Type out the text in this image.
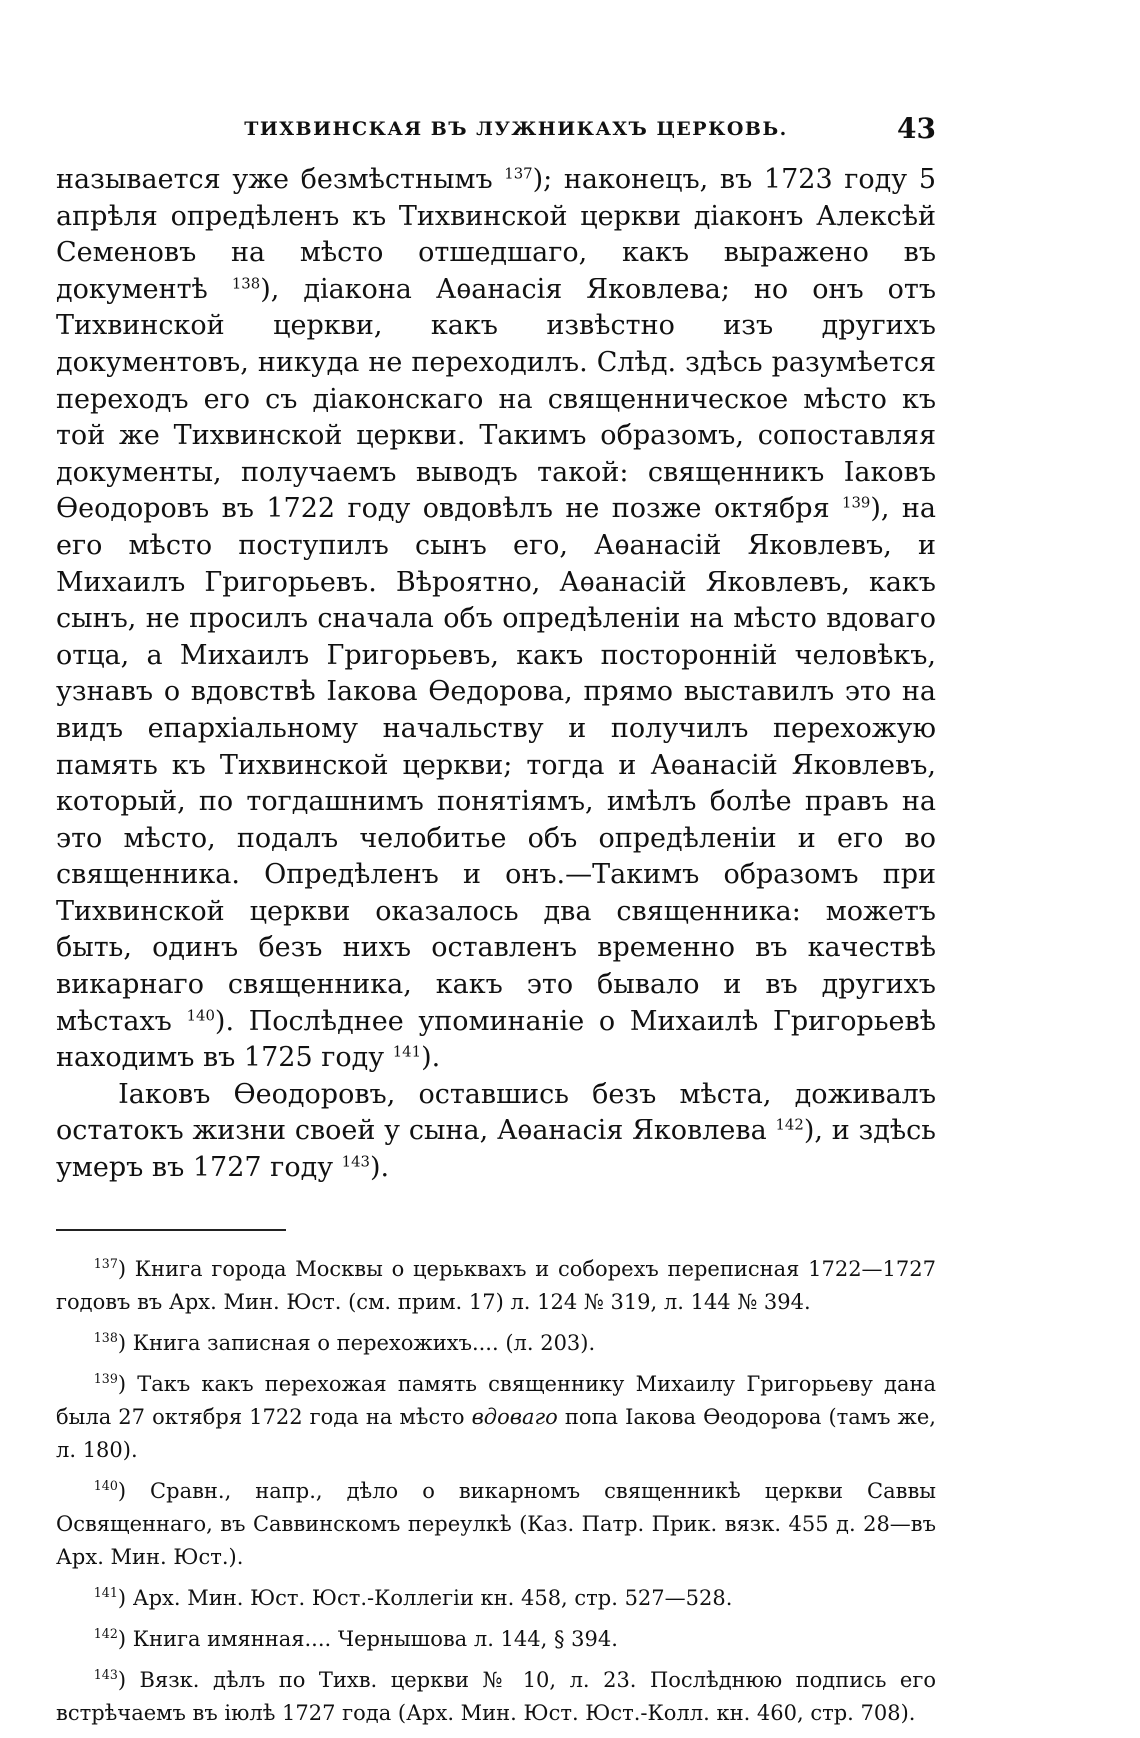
ТИХВИНСКАЯ ВЪ ЛУЖНИКАХЪ ЦЕРКОВЬ.	43

называется уже безмѣстнымъ $^{137}$); наконецъ, въ 1723 году 5 апрѣля опредѣленъ къ Тихвинской церкви діаконъ Алексѣй Семеновъ на мѣсто отшедшаго, какъ выражено въ документѣ $^{138}$), діакона Аѳанасія Яковлева; но онъ отъ Тихвинской церкви, какъ извѣстно изъ другихъ документовъ, никуда не переходилъ. Слѣд. здѣсь разумѣется переходъ его съ діаконскаго на священническое мѣсто къ той же Тихвинской церкви. Такимъ образомъ, сопоставляя документы, получаемъ выводъ такой: священникъ Іаковъ Ѳеодоровъ въ 1722 году овдовѣлъ не позже октября $^{139}$), на его мѣсто поступилъ сынъ его, Аѳанасій Яковлевъ, и Михаилъ Григорьевъ. Вѣроятно, Аѳанасій Яковлевъ, какъ сынъ, не просилъ сначала объ опредѣленіи на мѣсто вдоваго отца, а Михаилъ Григорьевъ, какъ посторонній человѣкъ, узнавъ о вдовствѣ Іакова Ѳедорова, прямо выставилъ это на видъ епархіальному начальству и получилъ перехожую память къ Тихвинской церкви; тогда и Аѳанасій Яковлевъ, который, по тогдашнимъ понятіямъ, имѣлъ болѣе правъ на это мѣсто, подалъ челобитье объ опредѣленіи и его во священника. Опредѣленъ и онъ.—Такимъ образомъ при Тихвинской церкви оказалось два священника: можетъ быть, одинъ безъ нихъ оставленъ временно въ качествѣ викарнаго священника, какъ это бывало и въ другихъ мѣстахъ $^{140}$). Послѣднее упоминаніе о Михаилѣ Григорьевѣ находимъ въ 1725 году $^{141}$).

Іаковъ Ѳеодоровъ, оставшись безъ мѣста, доживалъ остатокъ жизни своей у сына, Аѳанасія Яковлева $^{142}$), и здѣсь умеръ въ 1727 году $^{143}$).

$^{137}$) Книга города Москвы о церьквахъ и соборехъ переписная 1722—1727 годовъ въ Арх. Мин. Юст. (см. прим. 17) л. 124 № 319, л. 144 № 394.

$^{138}$) Книга записная о перехожихъ.... (л. 203).

$^{139}$) Такъ какъ перехожая память священнику Михаилу Григорьеву дана была 27 октября 1722 года на мѣсто вдоваго попа Іакова Ѳеодорова (тамъ же, л. 180).

$^{140}$) Сравн., напр., дѣло о викарномъ священникѣ церкви Саввы Освященнаго, въ Саввинскомъ переулкѣ (Каз. Патр. Прик. вязк. 455 д. 28—въ Арх. Мин. Юст.).

$^{141}$) Арх. Мин. Юст. Юст.-Коллегіи кн. 458, стр. 527—528.

$^{142}$) Книга имянная.... Чернышова л. 144, § 394.

$^{143}$) Вязк. дѣлъ по Тихв. церкви № 10, л. 23. Послѣднюю подпись его встрѣчаемъ въ іюлѣ 1727 года (Арх. Мин. Юст. Юст.-Колл. кн. 460, стр. 708).
